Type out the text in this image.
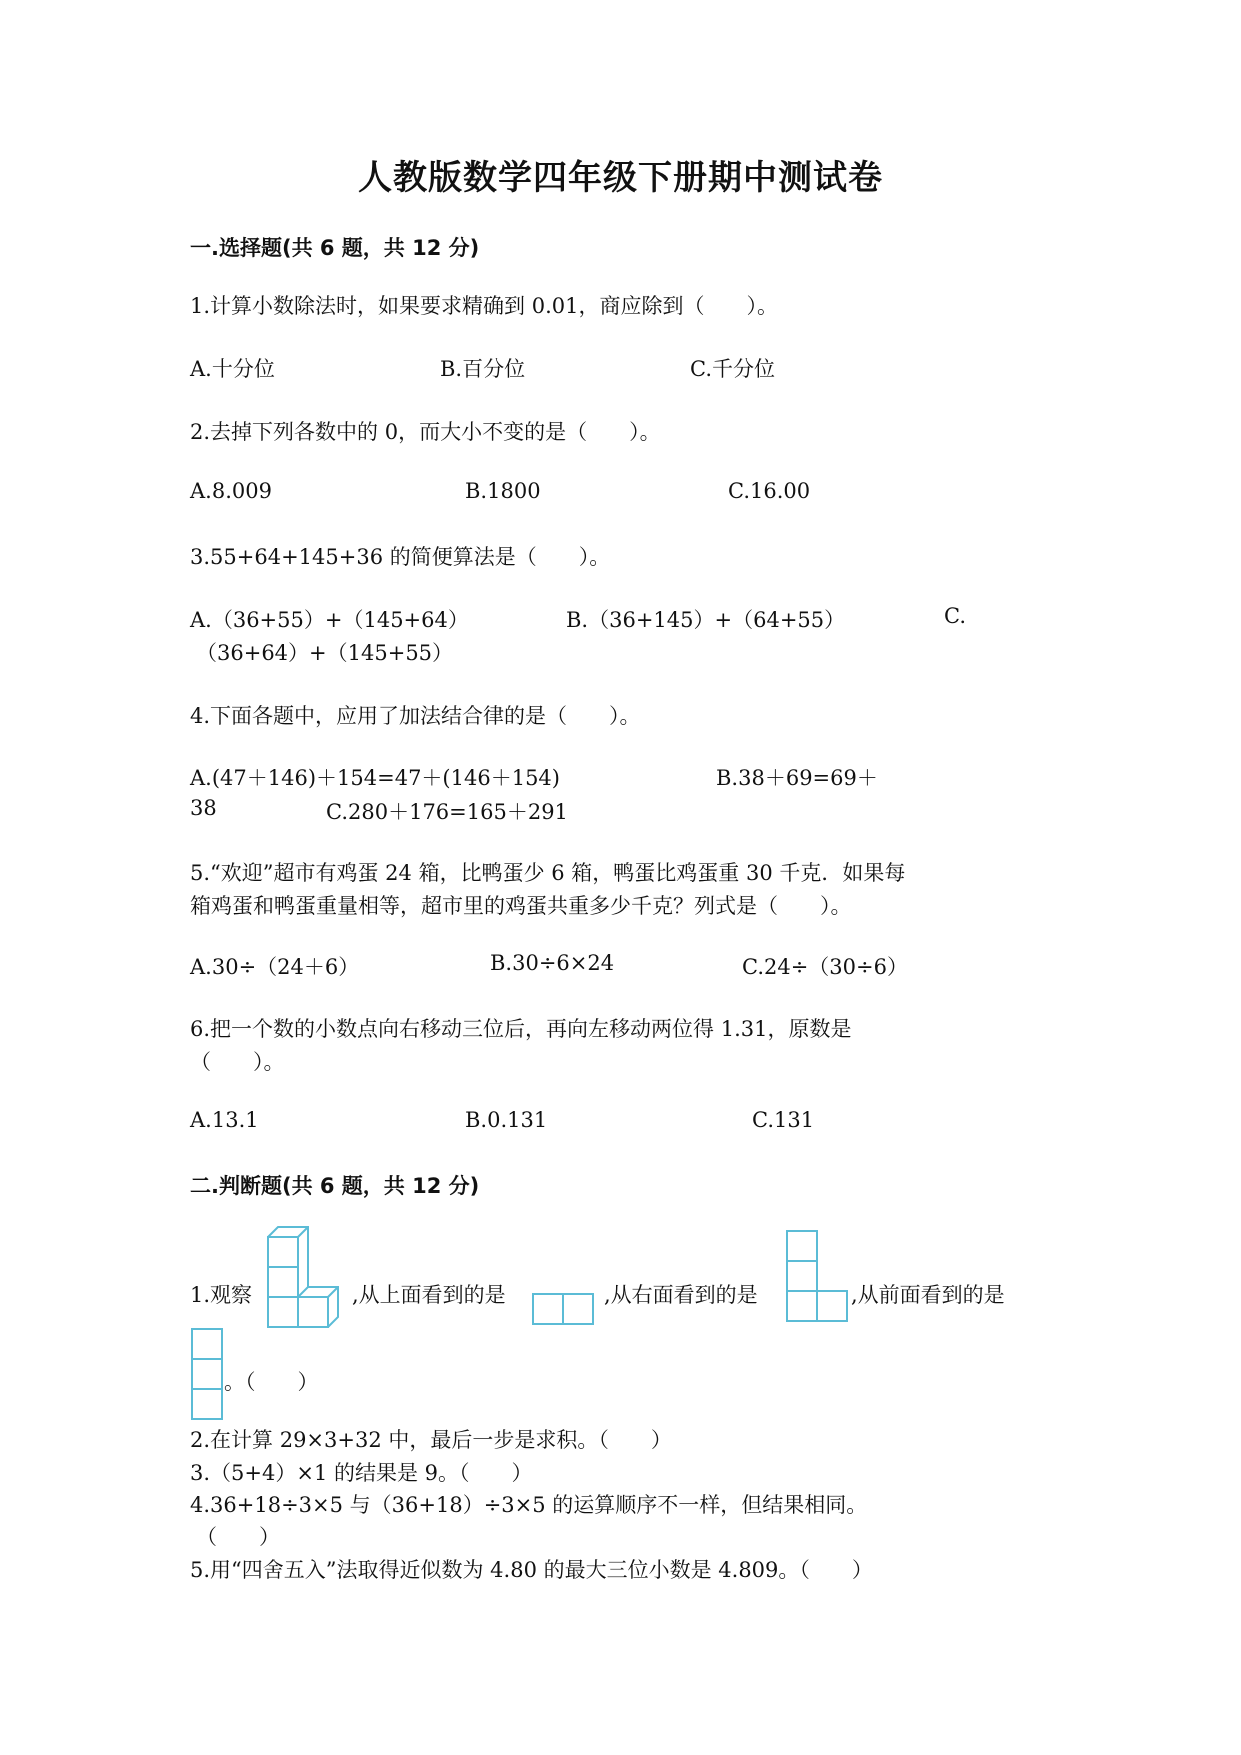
人教版数学四年级下册期中测试卷
一.选择题(共 6 题，共 12 分)
1.计算小数除法时，如果要求精确到 0.01，商应除到（　　）。
A.十分位	B.百分位	C.千分位
2.去掉下列各数中的 0，而大小不变的是（　　）。
A.8.009	B.1800	C.16.00
3.55+64+145+36 的简便算法是（　　）。
A.（36+55）+（145+64）	B.（36+145）+（64+55）	C.
（36+64）+（145+55）
4.下面各题中，应用了加法结合律的是（　　）。
A.(47＋146)＋154=47＋(146＋154)	B.38＋69=69＋
38	C.280＋176=165＋291
5.“欢迎”超市有鸡蛋 24 箱，比鸭蛋少 6 箱，鸭蛋比鸡蛋重 30 千克．如果每
箱鸡蛋和鸭蛋重量相等，超市里的鸡蛋共重多少千克？列式是（　　）。
A.30÷（24＋6）	B.30÷6×24	C.24÷（30÷6）
6.把一个数的小数点向右移动三位后，再向左移动两位得 1.31，原数是
（　　）。
A.13.1	B.0.131	C.131
二.判断题(共 6 题，共 12 分)
1.观察	,从上面看到的是	,从右面看到的是	,从前面看到的是
。（　　）
2.在计算 29×3+32 中，最后一步是求积。（　　）
3.（5+4）×1 的结果是 9。（　　）
4.36+18÷3×5 与（36+18）÷3×5 的运算顺序不一样，但结果相同。
（　　）
5.用“四舍五入”法取得近似数为 4.80 的最大三位小数是 4.809。（　　）
